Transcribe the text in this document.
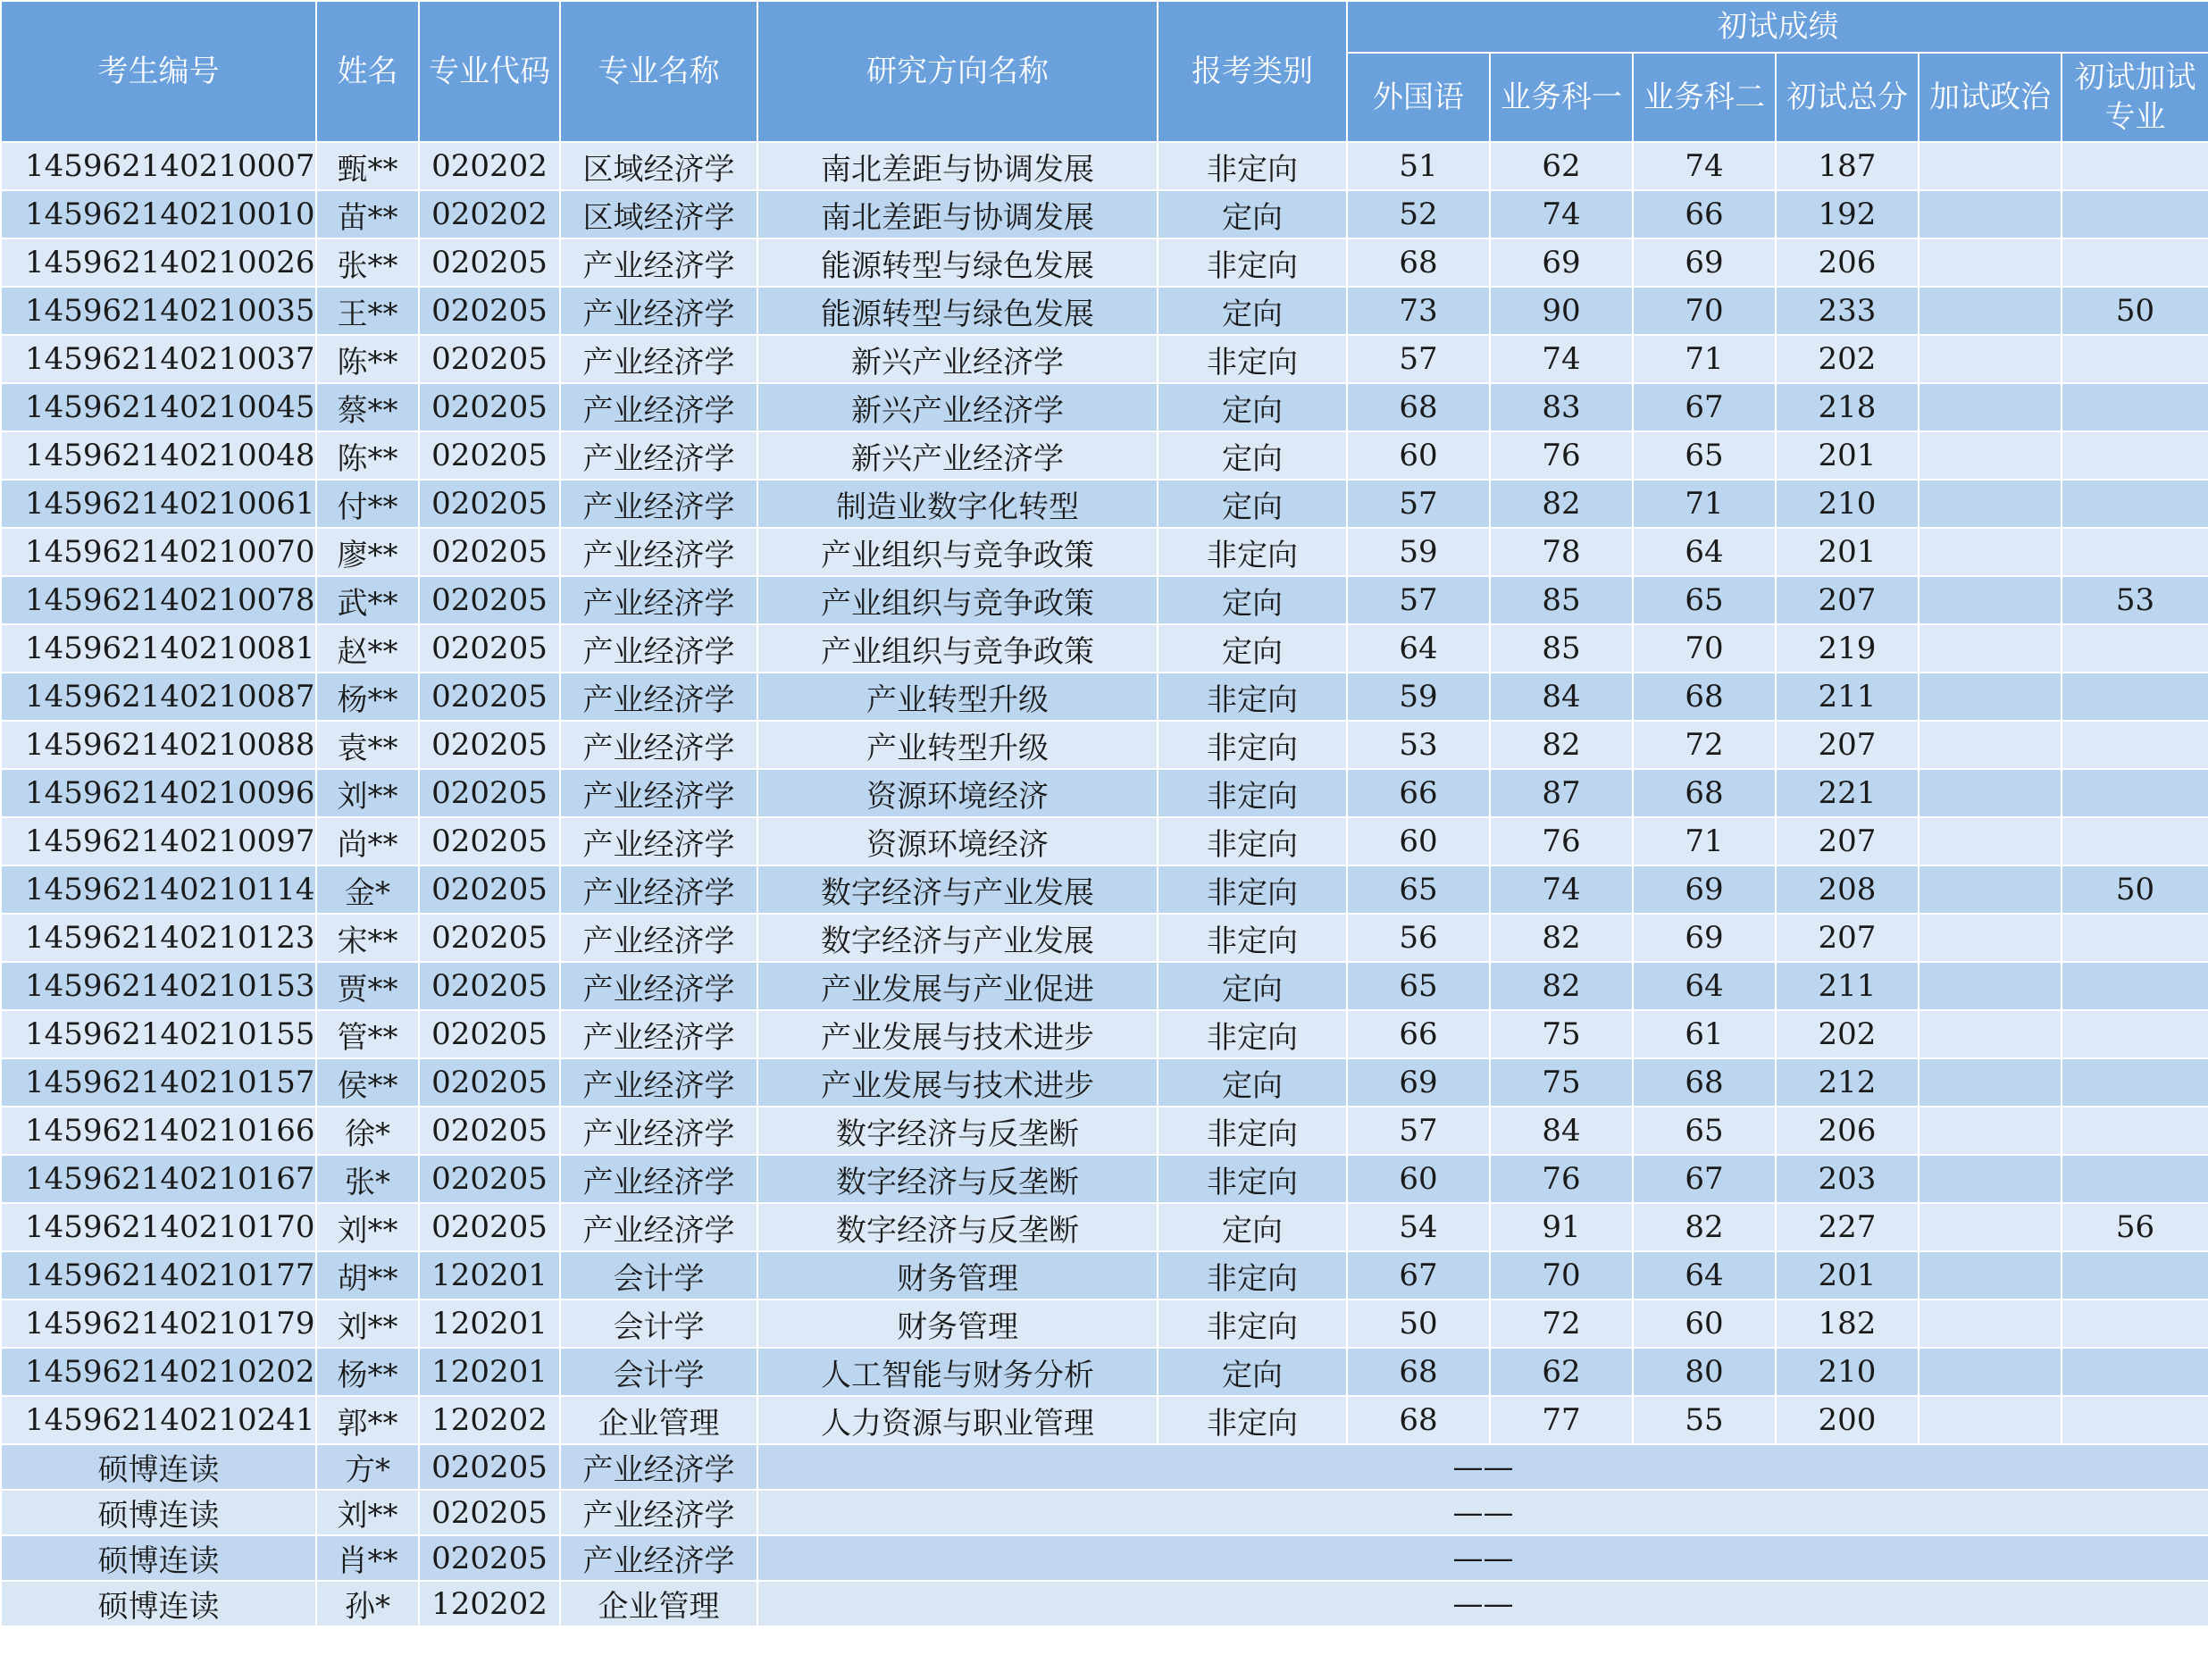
考生编号	姓名	专业代码	专业名称	研究方向名称	报考类别	初试成绩					
						外国语	业务科一	业务科二	初试总分	加试政治	初试加试专业
145962140210007	甄**	020202	区域经济学	南北差距与协调发展	非定向	51	62	74	187		
145962140210010	苗**	020202	区域经济学	南北差距与协调发展	定向	52	74	66	192		
145962140210026	张**	020205	产业经济学	能源转型与绿色发展	非定向	68	69	69	206		
145962140210035	王**	020205	产业经济学	能源转型与绿色发展	定向	73	90	70	233		50
145962140210037	陈**	020205	产业经济学	新兴产业经济学	非定向	57	74	71	202		
145962140210045	蔡**	020205	产业经济学	新兴产业经济学	定向	68	83	67	218		
145962140210048	陈**	020205	产业经济学	新兴产业经济学	定向	60	76	65	201		
145962140210061	付**	020205	产业经济学	制造业数字化转型	定向	57	82	71	210		
145962140210070	廖**	020205	产业经济学	产业组织与竞争政策	非定向	59	78	64	201		
145962140210078	武**	020205	产业经济学	产业组织与竞争政策	定向	57	85	65	207		53
145962140210081	赵**	020205	产业经济学	产业组织与竞争政策	定向	64	85	70	219		
145962140210087	杨**	020205	产业经济学	产业转型升级	非定向	59	84	68	211		
145962140210088	袁**	020205	产业经济学	产业转型升级	非定向	53	82	72	207		
145962140210096	刘**	020205	产业经济学	资源环境经济	非定向	66	87	68	221		
145962140210097	尚**	020205	产业经济学	资源环境经济	非定向	60	76	71	207		
145962140210114	金*	020205	产业经济学	数字经济与产业发展	非定向	65	74	69	208		50
145962140210123	宋**	020205	产业经济学	数字经济与产业发展	非定向	56	82	69	207		
145962140210153	贾**	020205	产业经济学	产业发展与产业促进	定向	65	82	64	211		
145962140210155	管**	020205	产业经济学	产业发展与技术进步	非定向	66	75	61	202		
145962140210157	侯**	020205	产业经济学	产业发展与技术进步	定向	69	75	68	212		
145962140210166	徐*	020205	产业经济学	数字经济与反垄断	非定向	57	84	65	206		
145962140210167	张*	020205	产业经济学	数字经济与反垄断	非定向	60	76	67	203		
145962140210170	刘**	020205	产业经济学	数字经济与反垄断	定向	54	91	82	227		56
145962140210177	胡**	120201	会计学	财务管理	非定向	67	70	64	201		
145962140210179	刘**	120201	会计学	财务管理	非定向	50	72	60	182		
145962140210202	杨**	120201	会计学	人工智能与财务分析	定向	68	62	80	210		
145962140210241	郭**	120202	企业管理	人力资源与职业管理	非定向	68	77	55	200		
硕博连读	方*	020205	产业经济学	——							
硕博连读	刘**	020205	产业经济学	——							
硕博连读	肖**	020205	产业经济学	——							
硕博连读	孙*	120202	企业管理	——							
